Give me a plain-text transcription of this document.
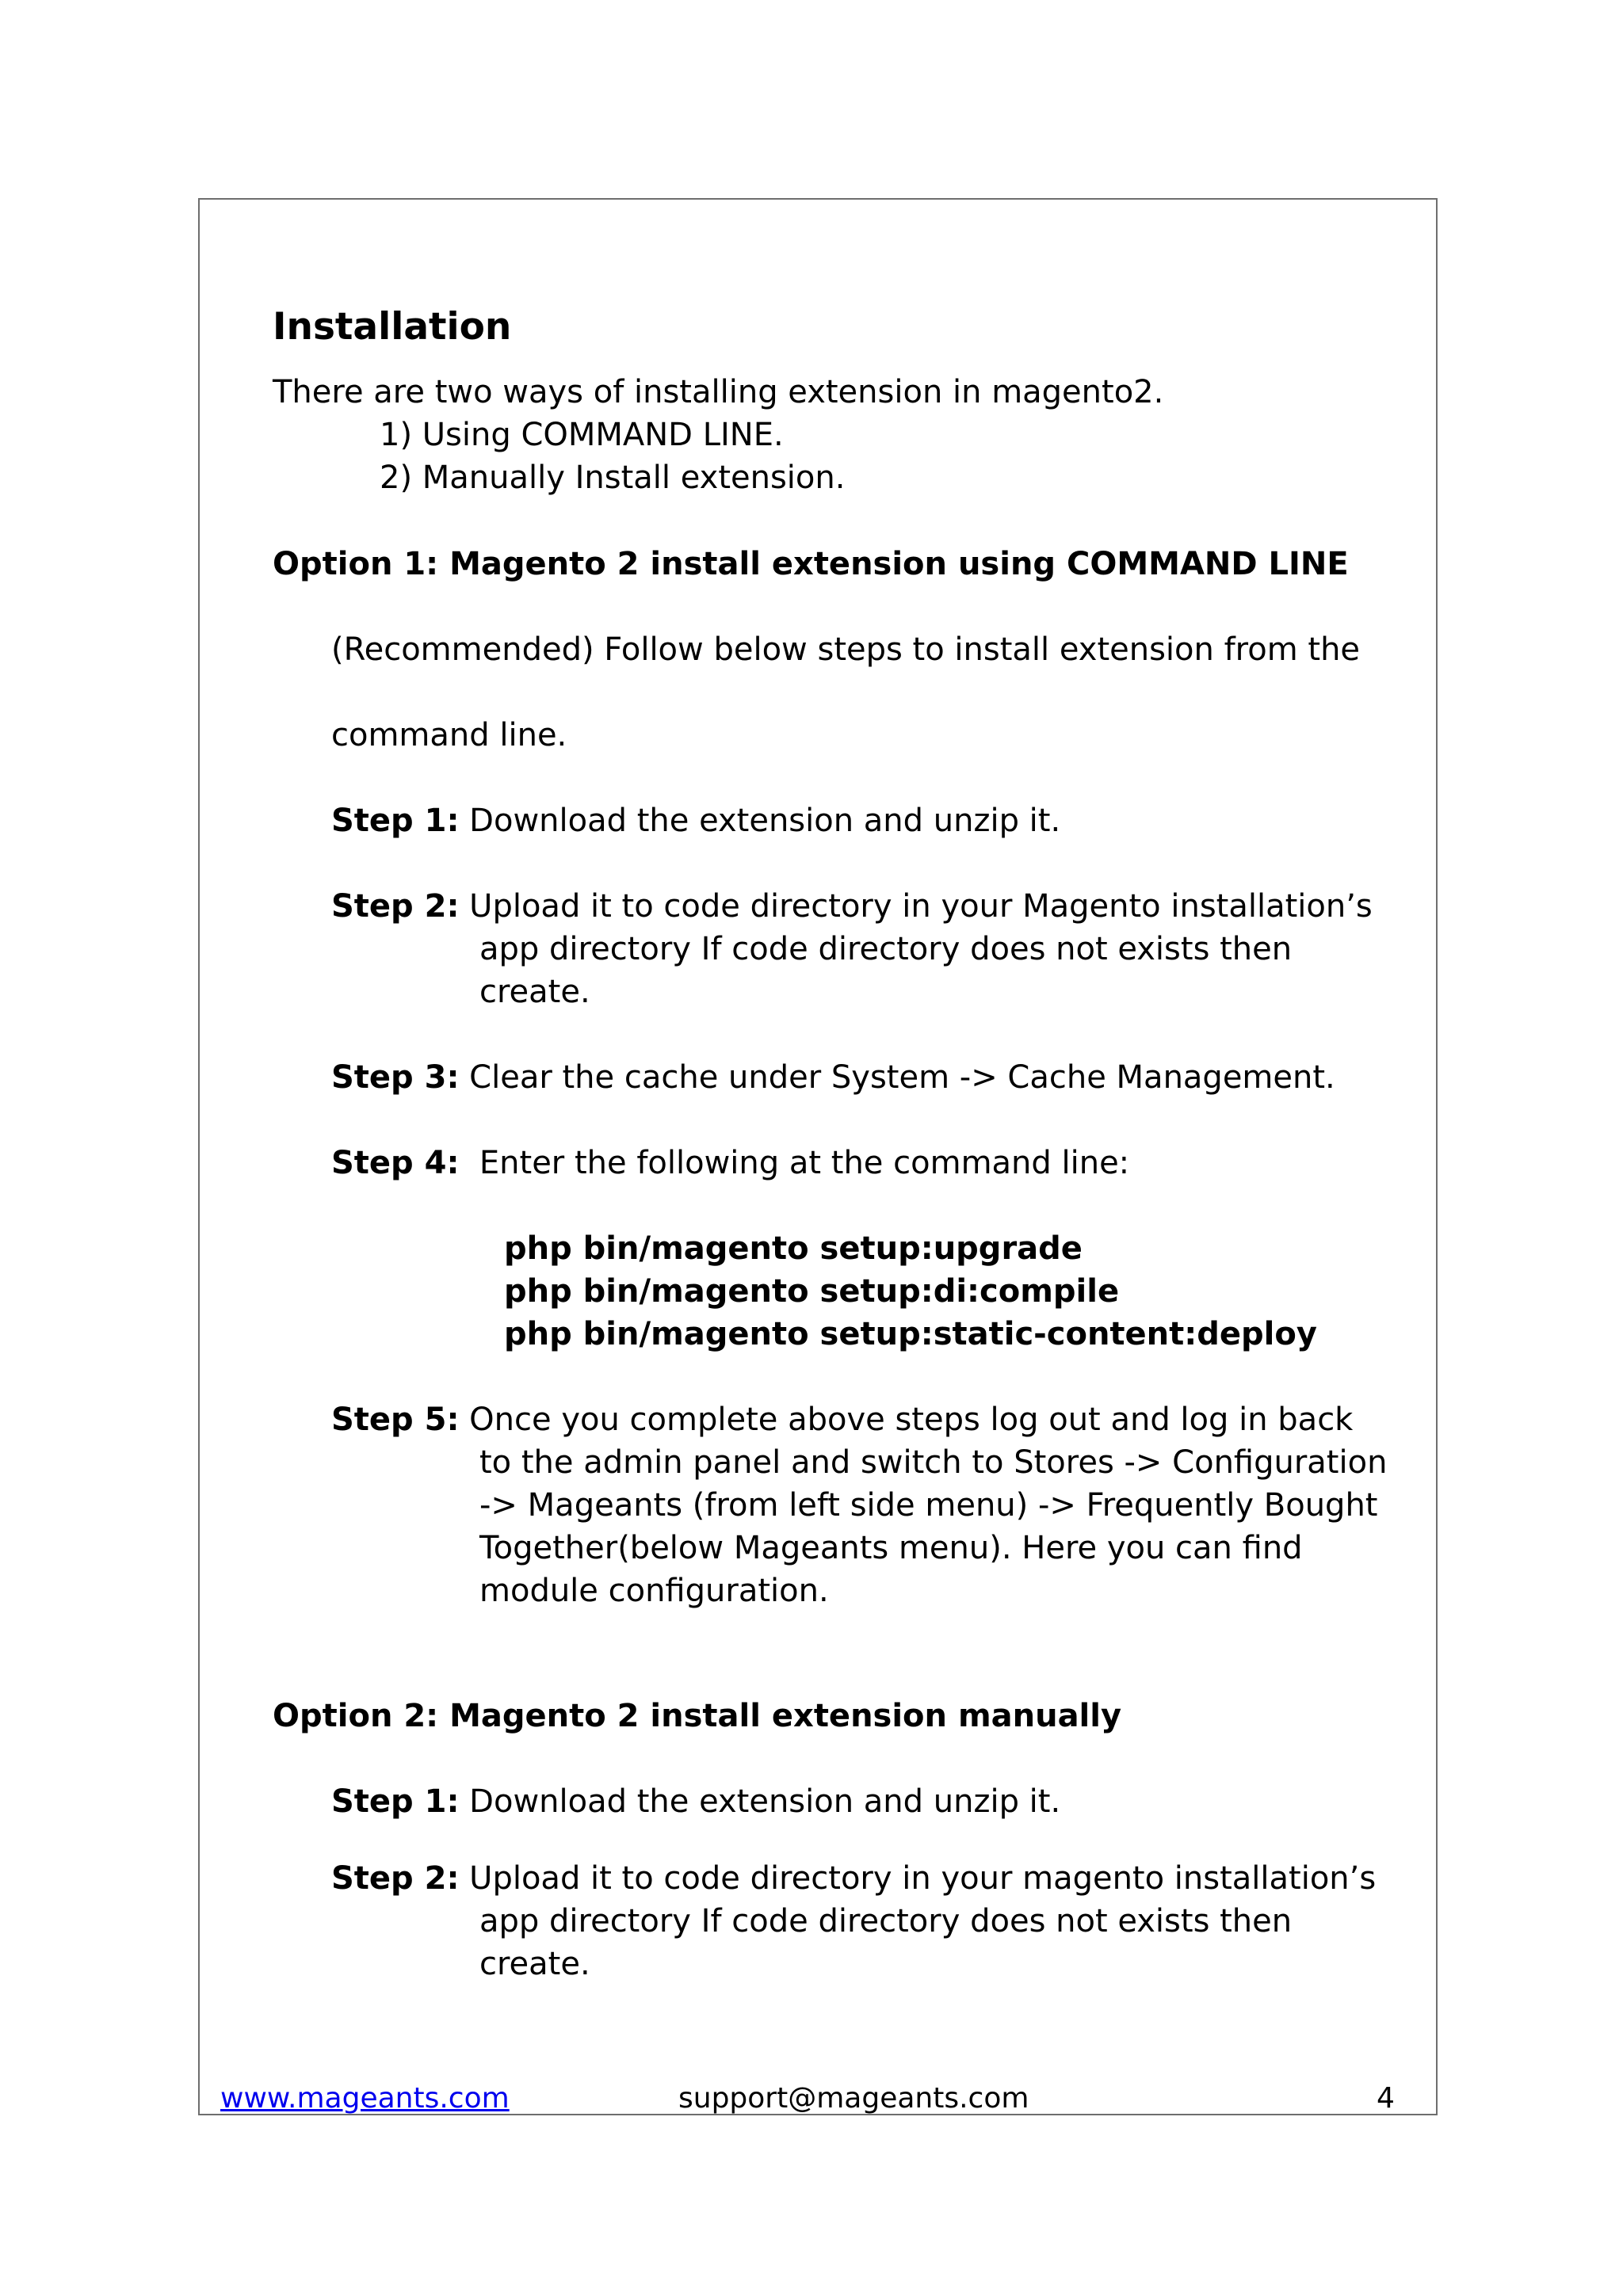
Installation
There are two ways of installing extension in magento2.
1) Using COMMAND LINE.
2) Manually Install extension.
Option 1: Magento 2 install extension using COMMAND LINE
(Recommended) Follow below steps to install extension from the
command line.
Step 1: Download the extension and unzip it.
Step 2: Upload it to code directory in your Magento installation’s
app directory If code directory does not exists then
create.
Step 3: Clear the cache under System -> Cache Management.
Step 4:  Enter the following at the command line:
php bin/magento setup:upgrade
php bin/magento setup:di:compile
php bin/magento setup:static-content:deploy
Step 5: Once you complete above steps log out and log in back
to the admin panel and switch to Stores -> Configuration
-> Mageants (from left side menu) -> Frequently Bought
Together(below Mageants menu). Here you can find
module configuration.
Option 2: Magento 2 install extension manually
Step 1: Download the extension and unzip it.
Step 2: Upload it to code directory in your magento installation’s
app directory If code directory does not exists then
create.
www.mageants.com	support@mageants.com	4
